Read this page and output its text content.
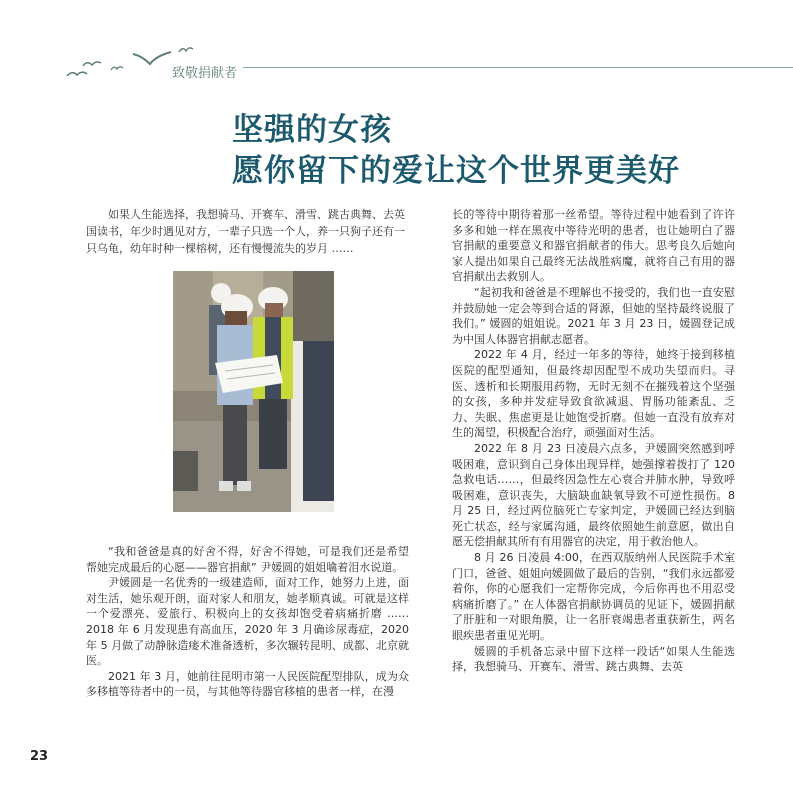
致敬捐献者
坚强的女孩
愿你留下的爱让这个世界更美好

如果人生能选择，我想骑马、开赛车、滑雪、跳古典舞、去英国读书，年少时遇见对方，一辈子只选一个人，养一只狗子还有一只乌龟，幼年时种一棵榕树，还有慢慢流失的岁月 ……

“我和爸爸是真的好舍不得，好舍不得她，可是我们还是希望帮她完成最后的心愿——器官捐献” 尹媛圆的姐姐噙着泪水说道。

尹媛圆是一名优秀的一级建造师，面对工作，她努力上进，面对生活，她乐观开朗，面对家人和朋友，她孝顺真诚。可就是这样一个爱漂亮、爱旅行、积极向上的女孩却饱受着病痛折磨 ……2018 年 6 月发现患有高血压，2020 年 3 月确诊尿毒症，2020 年 5 月做了动静脉造瘘术准备透析，多次辗转昆明、成都、北京就医。

2021 年 3 月，她前往昆明市第一人民医院配型排队，成为众多移植等待者中的一员，与其他等待器官移植的患者一样，在漫

长的等待中期待着那一丝希望。等待过程中她看到了许许多多和她一样在黑夜中等待光明的患者，也让她明白了器官捐献的重要意义和器官捐献者的伟大。思考良久后她向家人提出如果自己最终无法战胜病魔，就将自己有用的器官捐献出去救别人。

“起初我和爸爸是不理解也不接受的，我们也一直安慰并鼓励她一定会等到合适的肾源，但她的坚持最终说服了我们。” 媛圆的姐姐说。2021 年 3 月 23 日，媛圆登记成为中国人体器官捐献志愿者。

2022 年 4 月，经过一年多的等待，她终于接到移植医院的配型通知，但最终却因配型不成功失望而归。寻医、透析和长期服用药物，无时无刻不在摧残着这个坚强的女孩，多种并发症导致食欲减退、胃肠功能紊乱、乏力、失眠、焦虑更是让她饱受折磨。但她一直没有放弃对生的渴望，积极配合治疗，顽强面对生活。

2022 年 8 月 23 日凌晨六点多，尹媛圆突然感到呼吸困难，意识到自己身体出现异样，她强撑着拨打了 120 急救电话……，但最终因急性左心衰合并肺水肿，导致呼吸困难，意识丧失，大脑缺血缺氧导致不可逆性损伤。8 月 25 日，经过两位脑死亡专家判定，尹媛圆已经达到脑死亡状态，经与家属沟通，最终依照她生前意愿，做出自愿无偿捐献其所有有用器官的决定，用于救治他人。

8 月 26 日凌晨 4:00，在西双版纳州人民医院手术室门口，爸爸、姐姐向媛圆做了最后的告别，“我们永远都爱着你，你的心愿我们一定帮你完成，今后你再也不用忍受病痛折磨了。” 在人体器官捐献协调员的见证下，媛圆捐献了肝脏和一对眼角膜，让一名肝衰竭患者重获新生，两名眼疾患者重见光明。

媛圆的手机备忘录中留下这样一段话“如果人生能选择，我想骑马、开赛车、滑雪、跳古典舞、去英

23
